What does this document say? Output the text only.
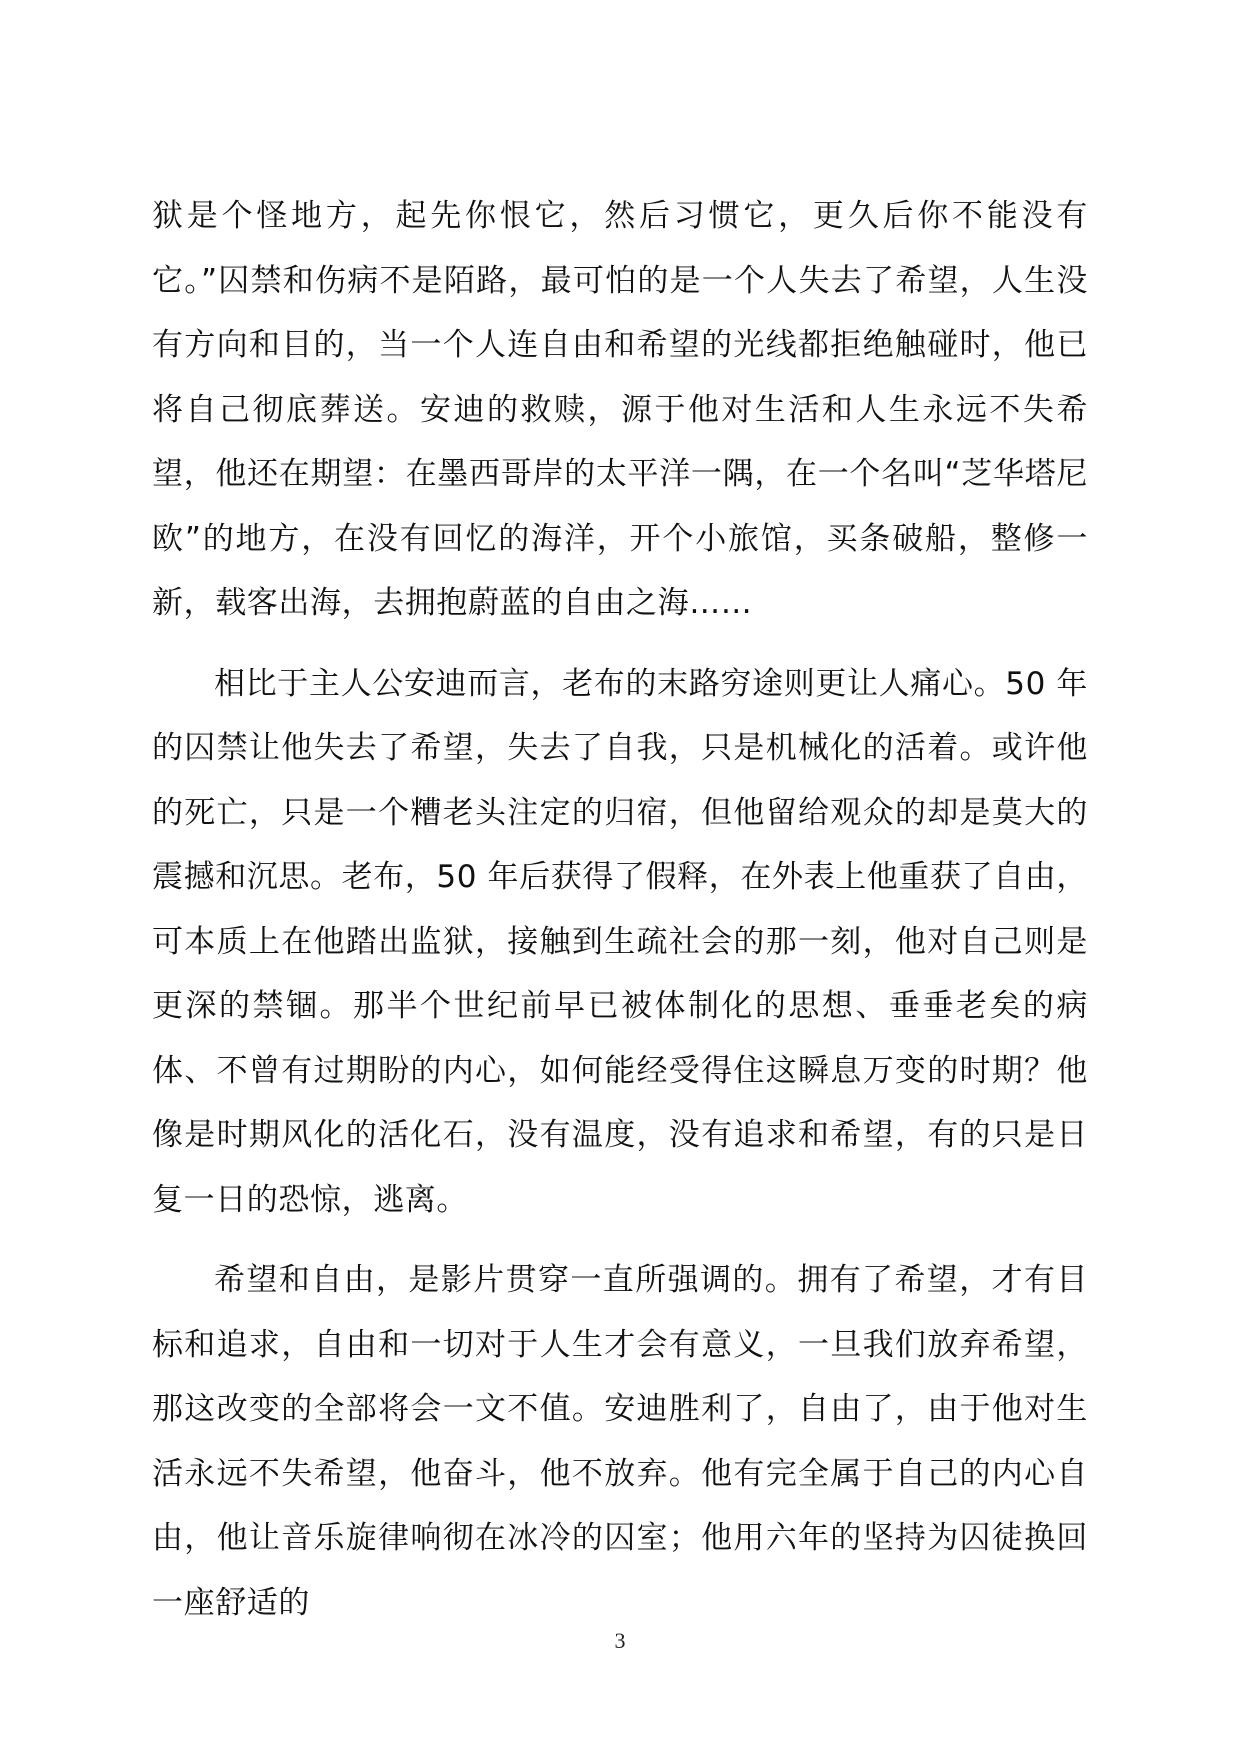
狱是个怪地方，起先你恨它，然后习惯它，更久后你不能没有它。”囚禁和伤病不是陌路，最可怕的是一个人失去了希望，人生没有方向和目的，当一个人连自由和希望的光线都拒绝触碰时，他已将自己彻底葬送。安迪的救赎，源于他对生活和人生永远不失希望，他还在期望：在墨西哥岸的太平洋一隅，在一个名叫“芝华塔尼欧”的地方，在没有回忆的海洋，开个小旅馆，买条破船，整修一新，载客出海，去拥抱蔚蓝的自由之海……

相比于主人公安迪而言，老布的末路穷途则更让人痛心。50 年的囚禁让他失去了希望，失去了自我，只是机械化的活着。或许他的死亡，只是一个糟老头注定的归宿，但他留给观众的却是莫大的震撼和沉思。老布，50 年后获得了假释，在外表上他重获了自由，可本质上在他踏出监狱，接触到生疏社会的那一刻，他对自己则是更深的禁锢。那半个世纪前早已被体制化的思想、垂垂老矣的病体、不曾有过期盼的内心，如何能经受得住这瞬息万变的时期？他像是时期风化的活化石，没有温度，没有追求和希望，有的只是日复一日的恐惊，逃离。

希望和自由，是影片贯穿一直所强调的。拥有了希望，才有目标和追求，自由和一切对于人生才会有意义，一旦我们放弃希望，那这改变的全部将会一文不值。安迪胜利了，自由了，由于他对生活永远不失希望，他奋斗，他不放弃。他有完全属于自己的内心自由，他让音乐旋律响彻在冰冷的囚室；他用六年的坚持为囚徒换回一座舒适的

3
